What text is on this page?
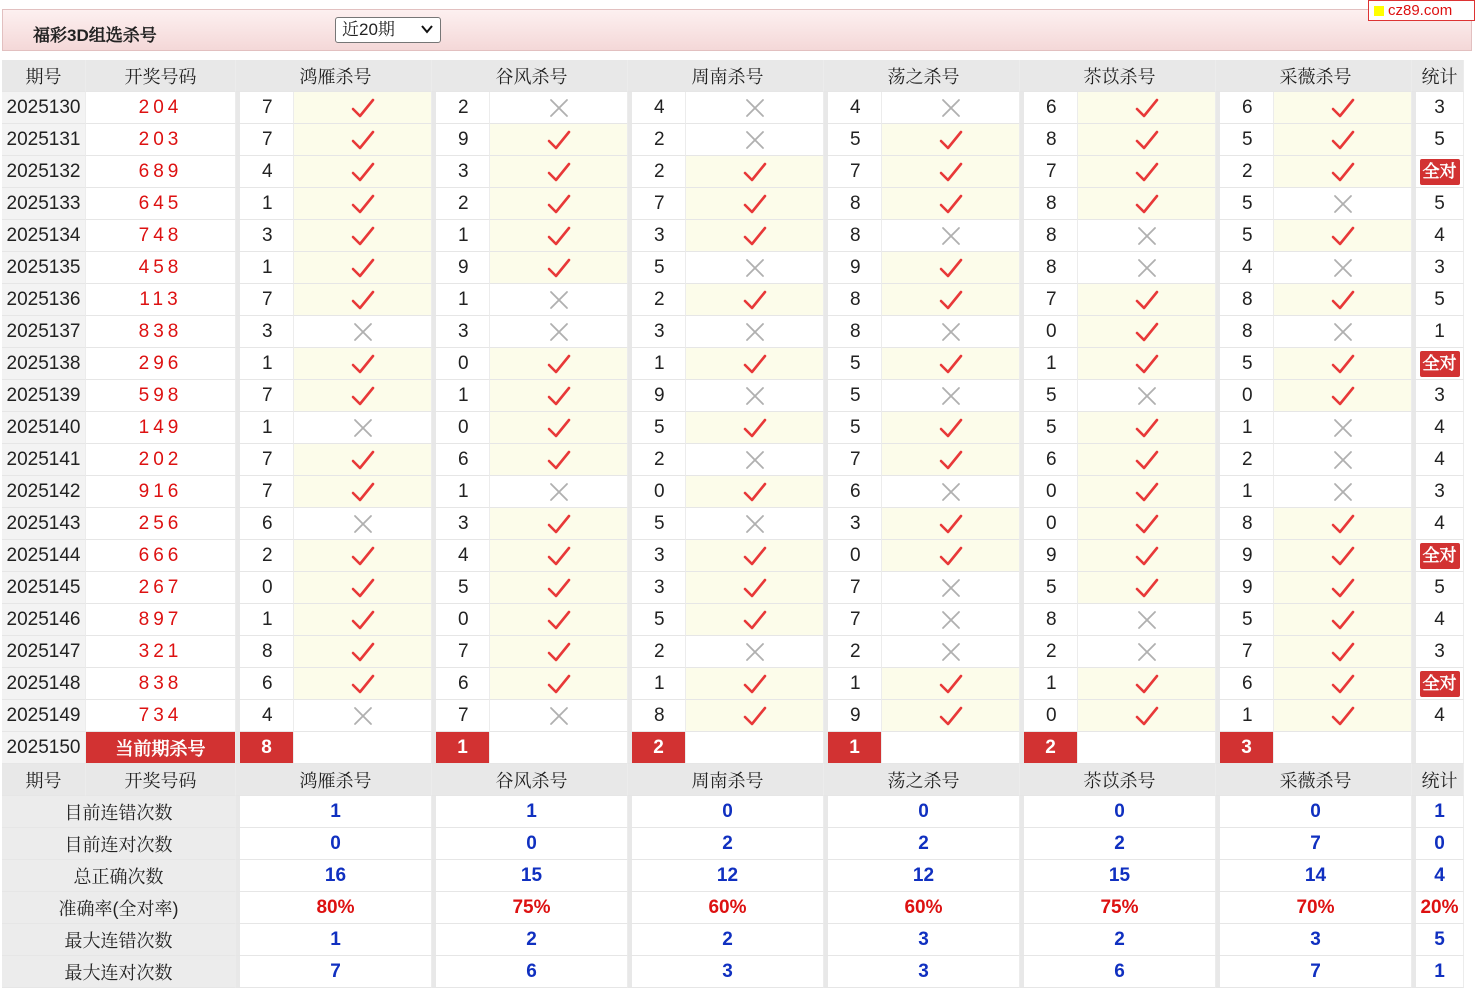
福彩3D组选杀号	近20期
cz89.com
期号	开奖号码		鸿雁杀号			谷风杀号			周南杀号			荡之杀号			苶苡杀号			采薇杀号			统计
2025130	204		7			2			4			4			6			6			3
2025131	203		7			9			2			5			8			5			5
2025132	689		4			3			2			7			7			2			全对
2025133	645		1			2			7			8			8			5			5
2025134	748		3			1			3			8			8			5			4
2025135	458		1			9			5			9			8			4			3
2025136	113		7			1			2			8			7			8			5
2025137	838		3			3			3			8			0			8			1
2025138	296		1			0			1			5			1			5			全对
2025139	598		7			1			9			5			5			0			3
2025140	149		1			0			5			5			5			1			4
2025141	202		7			6			2			7			6			2			4
2025142	916		7			1			0			6			0			1			3
2025143	256		6			3			5			3			0			8			4
2025144	666		2			4			3			0			9			9			全对
2025145	267		0			5			3			7			5			9			5
2025146	897		1			0			5			7			8			5			4
2025147	321		8			7			2			2			2			7			3
2025148	838		6			6			1			1			1			6			全对
2025149	734		4			7			8			9			0			1			4
2025150	当前期杀号		8			1			2			1			2			3			
期号	开奖号码		鸿雁杀号			谷风杀号			周南杀号			荡之杀号			苶苡杀号			采薇杀号			统计
目前连错次数			1			1			0			0			0			0			1
目前连对次数			0			0			2			2			2			7			0
总正确次数			16			15			12			12			15			14			4
准确率(全对率)			80%			75%			60%			60%			75%			70%			20%
最大连错次数			1			2			2			3			2			3			5
最大连对次数			7			6			3			3			6			7			1
